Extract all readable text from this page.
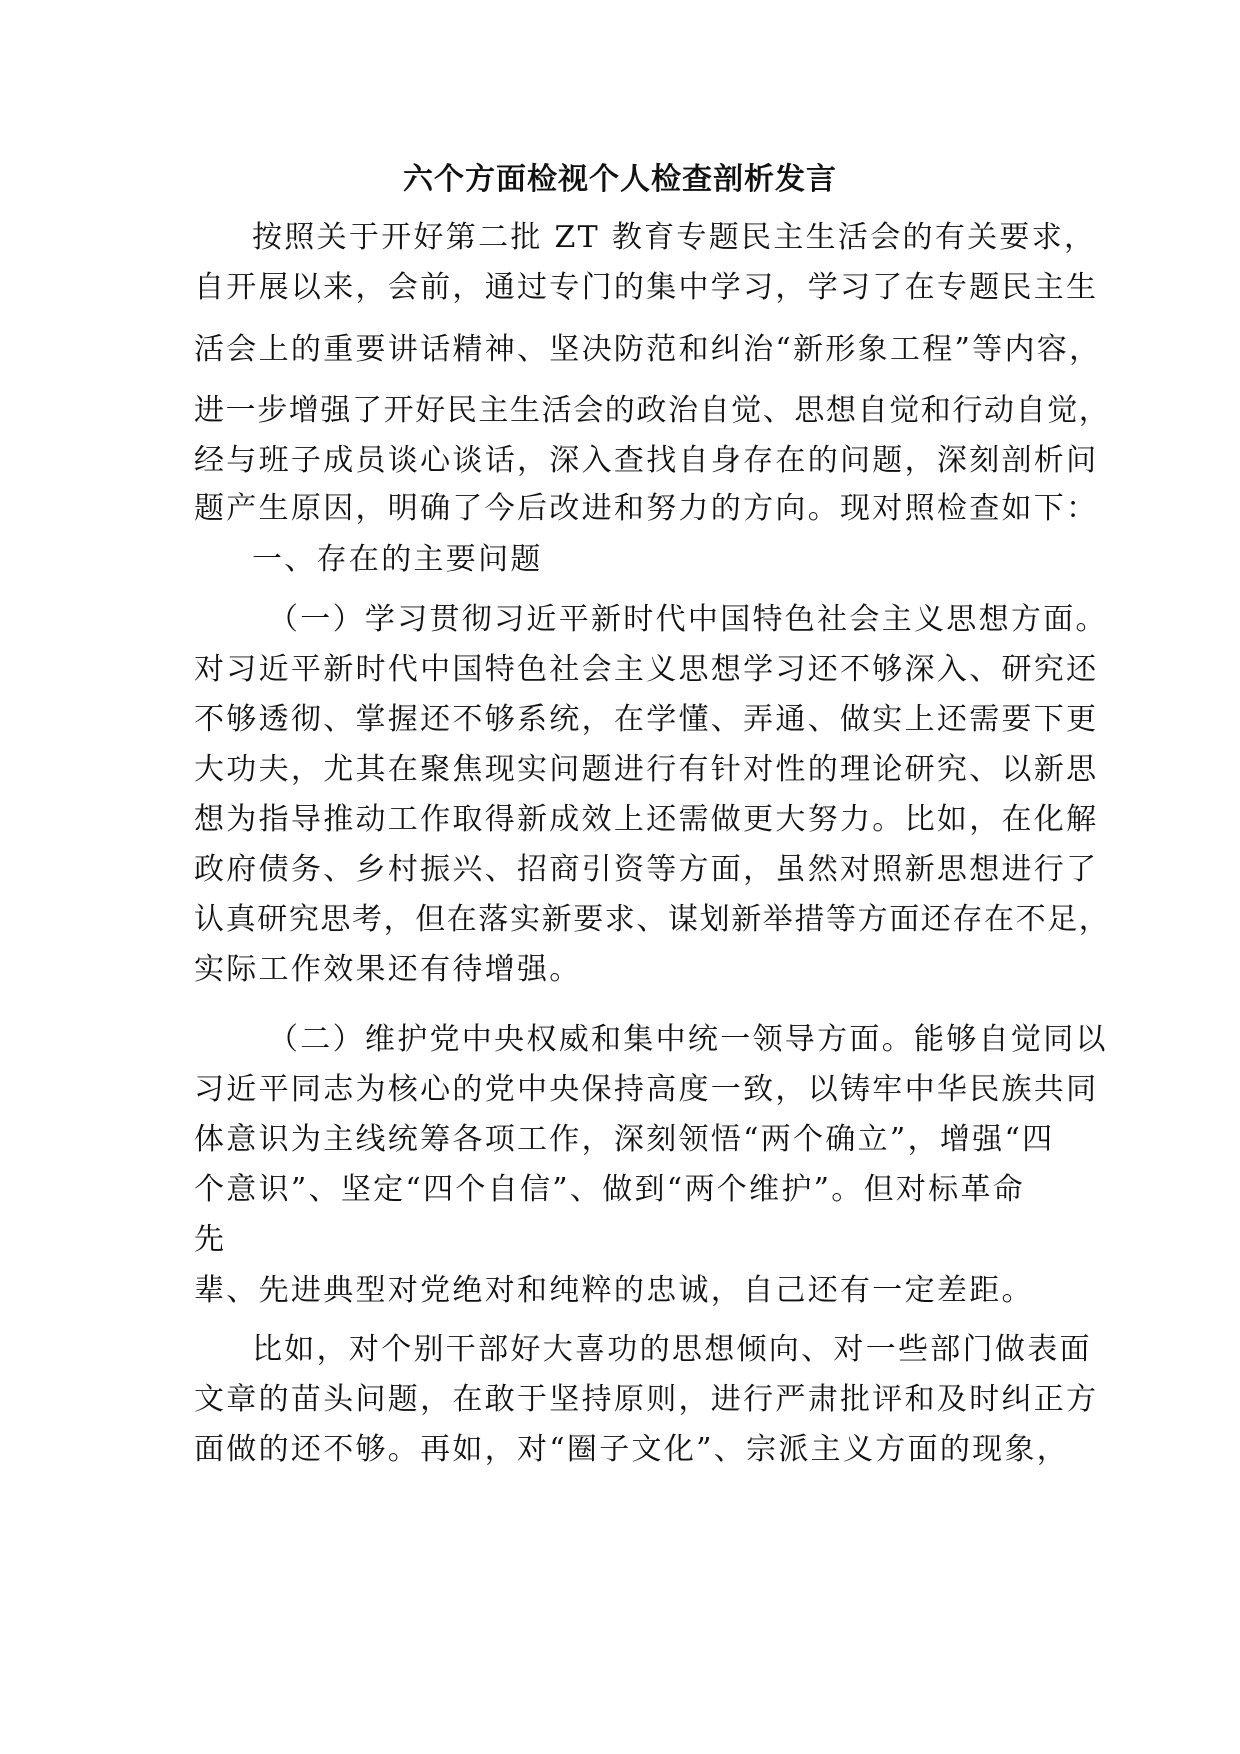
六个方面检视个人检查剖析发言
按照关于开好第二批 ZT 教育专题民主生活会的有关要求，
自开展以来，会前，通过专门的集中学习，学习了在专题民主生
活会上的重要讲话精神、坚决防范和纠治“新形象工程”等内容，
进一步增强了开好民主生活会的政治自觉、思想自觉和行动自觉，
经与班子成员谈心谈话，深入查找自身存在的问题，深刻剖析问
题产生原因，明确了今后改进和努力的方向。现对照检查如下：
一、存在的主要问题
（一）学习贯彻习近平新时代中国特色社会主义思想方面。
对习近平新时代中国特色社会主义思想学习还不够深入、研究还
不够透彻、掌握还不够系统，在学懂、弄通、做实上还需要下更
大功夫，尤其在聚焦现实问题进行有针对性的理论研究、以新思
想为指导推动工作取得新成效上还需做更大努力。比如，在化解
政府债务、乡村振兴、招商引资等方面，虽然对照新思想进行了
认真研究思考，但在落实新要求、谋划新举措等方面还存在不足，
实际工作效果还有待增强。
（二）维护党中央权威和集中统一领导方面。能够自觉同以
习近平同志为核心的党中央保持高度一致，以铸牢中华民族共同
体意识为主线统筹各项工作，深刻领悟“两个确立”，增强“四
个意识”、坚定“四个自信”、做到“两个维护”。但对标革命
先
辈、先进典型对党绝对和纯粹的忠诚，自己还有一定差距。
比如，对个别干部好大喜功的思想倾向、对一些部门做表面
文章的苗头问题，在敢于坚持原则，进行严肃批评和及时纠正方
面做的还不够。再如，对“圈子文化”、宗派主义方面的现象，
